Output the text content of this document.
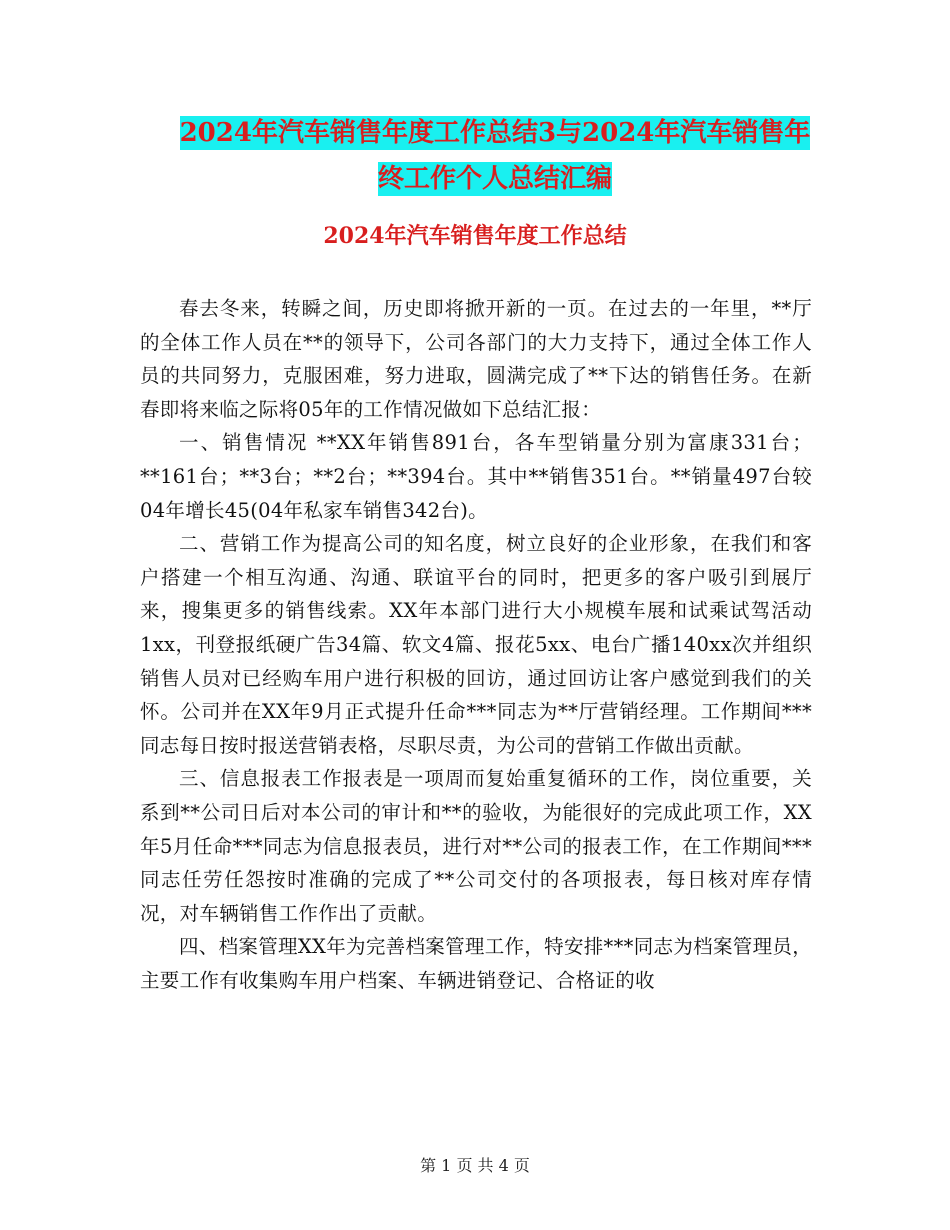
2024年汽车销售年度工作总结3与2024年汽车销售年
终工作个人总结汇编
2024年汽车销售年度工作总结

春去冬来，转瞬之间，历史即将掀开新的一页。在过去的一年里，**厅的全体工作人员在**的领导下，公司各部门的大力支持下，通过全体工作人员的共同努力，克服困难，努力进取，圆满完成了**下达的销售任务。在新春即将来临之际将05年的工作情况做如下总结汇报：

一、销售情况 **XX年销售891台，各车型销量分别为富康331台；**161台；**3台；**2台；**394台。其中**销售351台。**销量497台较04年增长45(04年私家车销售342台)。

二、营销工作为提高公司的知名度，树立良好的企业形象，在我们和客户搭建一个相互沟通、沟通、联谊平台的同时，把更多的客户吸引到展厅来，搜集更多的销售线索。XX年本部门进行大小规模车展和试乘试驾活动1xx，刊登报纸硬广告34篇、软文4篇、报花5xx、电台广播140xx次并组织销售人员对已经购车用户进行积极的回访，通过回访让客户感觉到我们的关怀。公司并在XX年9月正式提升任命***同志为**厅营销经理。工作期间***同志每日按时报送营销表格，尽职尽责，为公司的营销工作做出贡献。

三、信息报表工作报表是一项周而复始重复循环的工作，岗位重要，关系到**公司日后对本公司的审计和**的验收，为能很好的完成此项工作，XX年5月任命***同志为信息报表员，进行对**公司的报表工作，在工作期间***同志任劳任怨按时准确的完成了**公司交付的各项报表，每日核对库存情况，对车辆销售工作作出了贡献。

四、档案管理XX年为完善档案管理工作，特安排***同志为档案管理员，主要工作有收集购车用户档案、车辆进销登记、合格证的收

第 1 页 共 4 页
